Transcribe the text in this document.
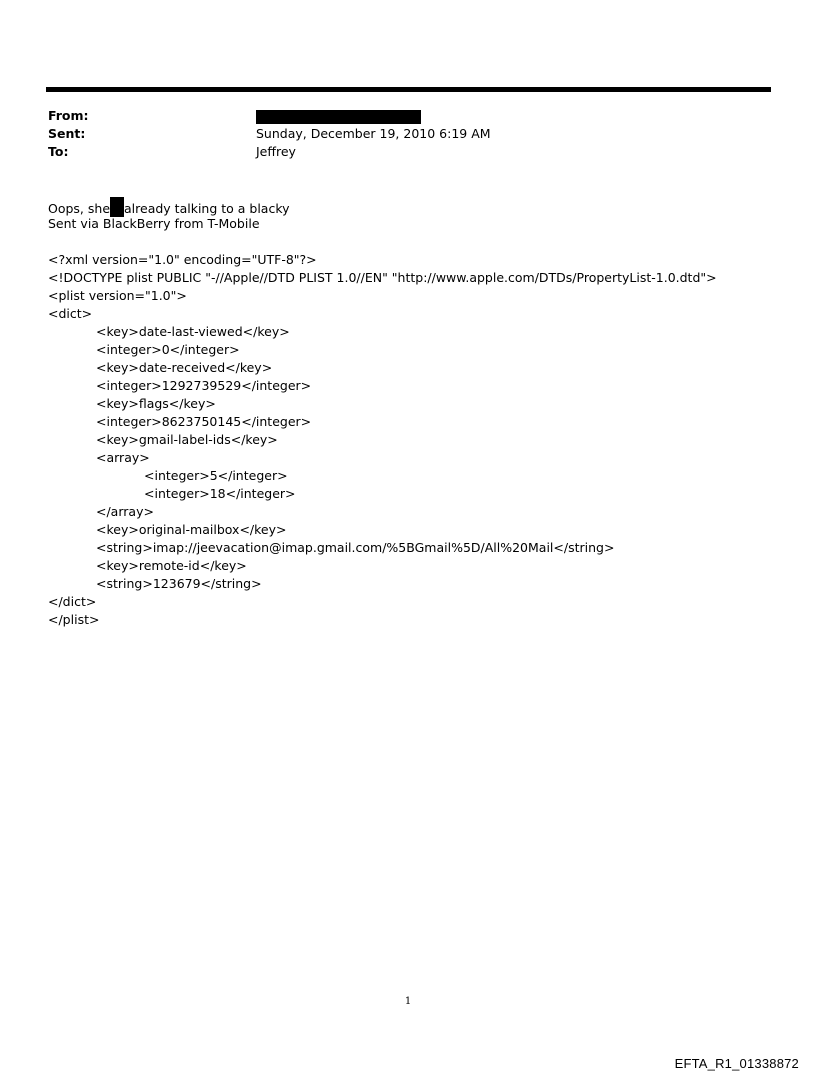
From:
Sent:	Sunday, December 19, 2010 6:19 AM
To:	Jeffrey
Oops, she already talking to a blacky
Sent via BlackBerry from T-Mobile
<?xml version="1.0" encoding="UTF-8"?>
<!DOCTYPE plist PUBLIC "-//Apple//DTD PLIST 1.0//EN" "http://www.apple.com/DTDs/PropertyList-1.0.dtd">
<plist version="1.0">
<dict>
<key>date-last-viewed</key>
<integer>0</integer>
<key>date-received</key>
<integer>1292739529</integer>
<key>flags</key>
<integer>8623750145</integer>
<key>gmail-label-ids</key>
<array>
<integer>5</integer>
<integer>18</integer>
</array>
<key>original-mailbox</key>
<string>imap://jeevacation@imap.gmail.com/%5BGmail%5D/All%20Mail</string>
<key>remote-id</key>
<string>123679</string>
</dict>
</plist>
1
EFTA_R1_01338872
